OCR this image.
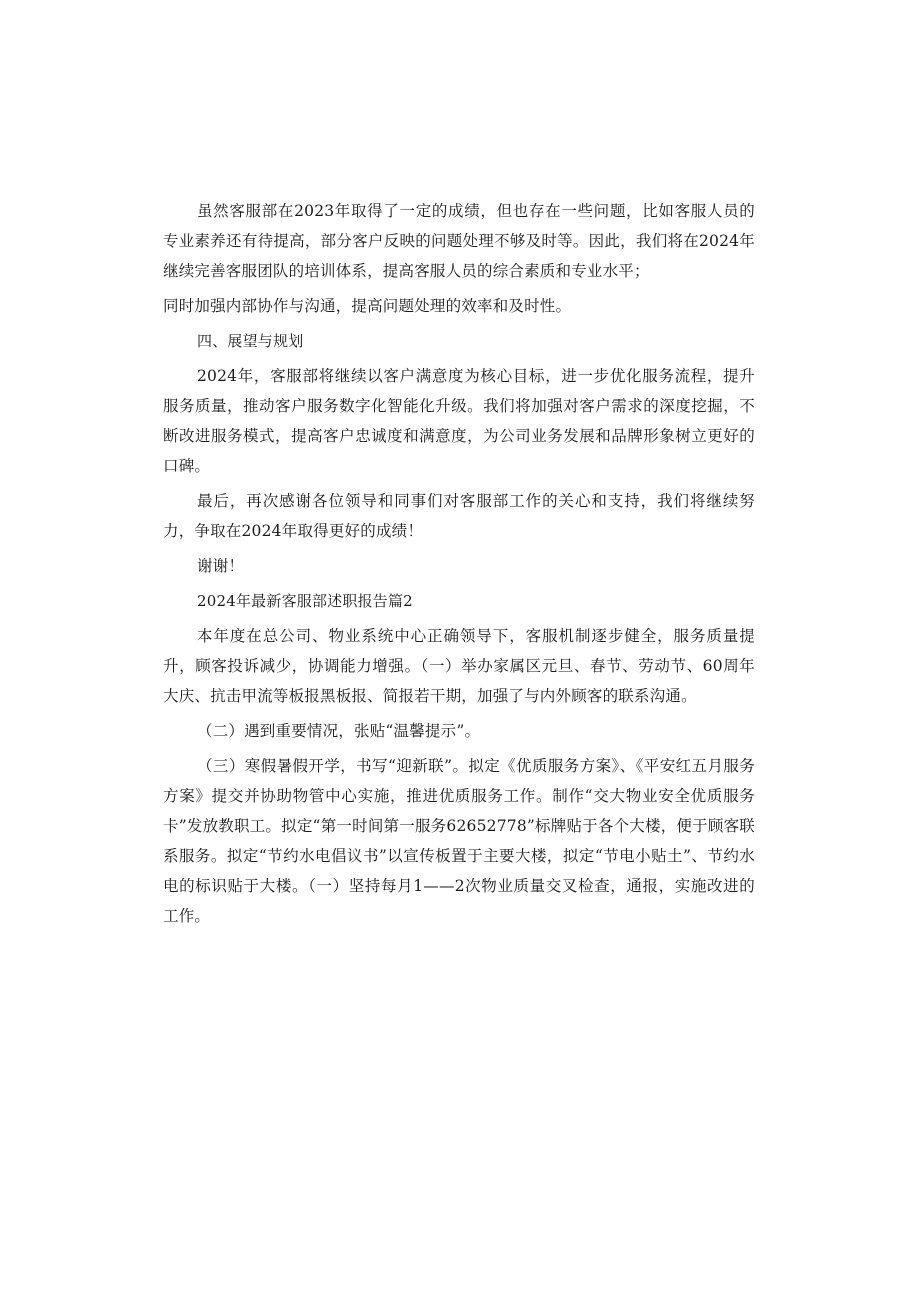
虽然客服部在2023年取得了一定的成绩，但也存在一些问题，比如客服人员的专业素养还有待提高，部分客户反映的问题处理不够及时等。因此，我们将在2024年继续完善客服团队的培训体系，提高客服人员的综合素质和专业水平；

同时加强内部协作与沟通，提高问题处理的效率和及时性。

四、展望与规划

2024年，客服部将继续以客户满意度为核心目标，进一步优化服务流程，提升服务质量，推动客户服务数字化智能化升级。我们将加强对客户需求的深度挖掘，不断改进服务模式，提高客户忠诚度和满意度，为公司业务发展和品牌形象树立更好的口碑。

最后，再次感谢各位领导和同事们对客服部工作的关心和支持，我们将继续努力，争取在2024年取得更好的成绩！

谢谢！

2024年最新客服部述职报告篇2

本年度在总公司、物业系统中心正确领导下，客服机制逐步健全，服务质量提升，顾客投诉减少，协调能力增强。（一）举办家属区元旦、春节、劳动节、60周年大庆、抗击甲流等板报黑板报、简报若干期，加强了与内外顾客的联系沟通。

（二）遇到重要情况，张贴“温馨提示”。

（三）寒假暑假开学，书写“迎新联”。拟定《优质服务方案》、《平安红五月服务方案》提交并协助物管中心实施，推进优质服务工作。制作“交大物业安全优质服务卡”发放教职工。拟定“第一时间第一服务62652778”标牌贴于各个大楼，便于顾客联系服务。拟定“节约水电倡议书”以宣传板置于主要大楼，拟定“节电小贴土”、节约水电的标识贴于大楼。（一）坚持每月1——2次物业质量交叉检查，通报，实施改进的工作。
